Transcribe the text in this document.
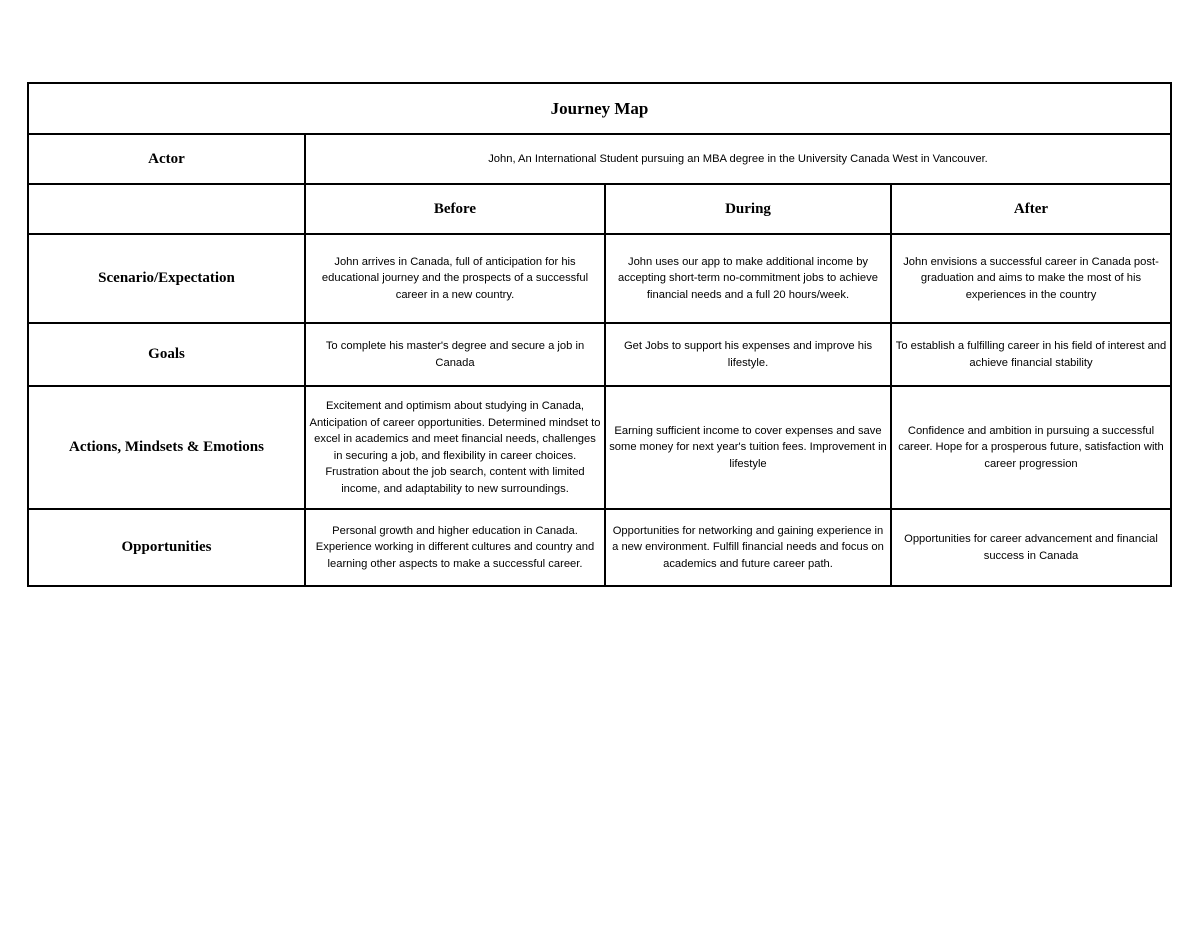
Journey Map			
Actor	John, An International Student pursuing an MBA degree in the University Canada West in Vancouver.		
	Before	During	After
Scenario/Expectation	John arrives in Canada, full of anticipation for his educational journey and the prospects of a successful career in a new country.	John uses our app to make additional income by accepting short-term no-commitment jobs to achieve financial needs and a full 20 hours/week.	John envisions a successful career in Canada post-graduation and aims to make the most of his experiences in the country
Goals	To complete his master's degree and secure a job in Canada	Get Jobs to support his expenses and improve his lifestyle.	To establish a fulfilling career in his field of interest and achieve financial stability
Actions, Mindsets & Emotions	Excitement and optimism about studying in Canada, Anticipation of career opportunities. Determined mindset to excel in academics and meet financial needs, challenges in securing a job, and flexibility in career choices. Frustration about the job search, content with limited income, and adaptability to new surroundings.	Earning sufficient income to cover expenses and save some money for next year's tuition fees. Improvement in lifestyle	Confidence and ambition in pursuing a successful career. Hope for a prosperous future, satisfaction with career progression
Opportunities	Personal growth and higher education in Canada. Experience working in different cultures and country and learning other aspects to make a successful career.	Opportunities for networking and gaining experience in a new environment. Fulfill financial needs and focus on academics and future career path.	Opportunities for career advancement and financial success in Canada
